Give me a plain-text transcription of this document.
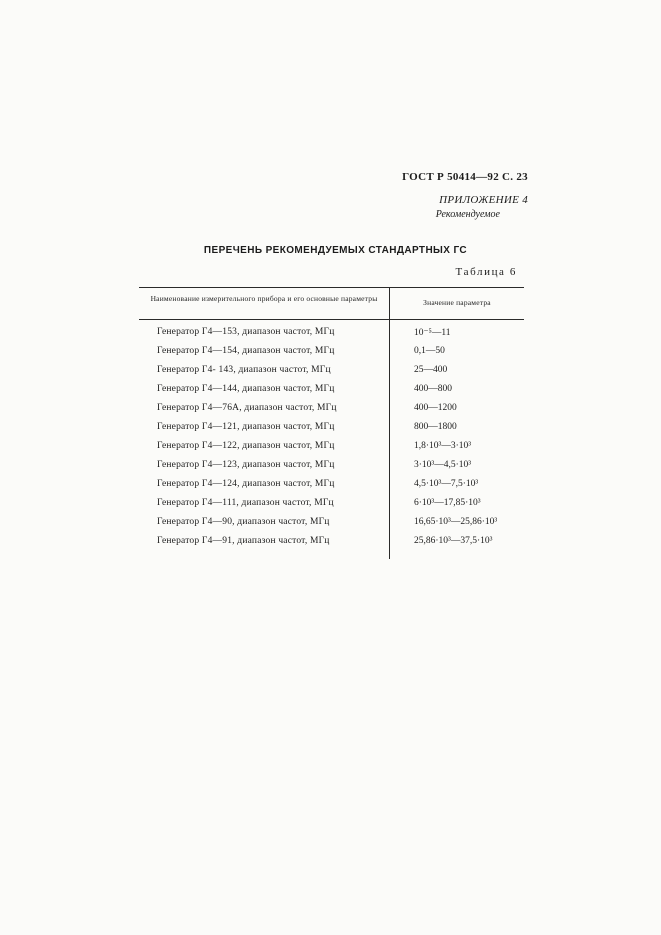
ГОСТ Р 50414—92 С. 23
ПРИЛОЖЕНИЕ 4
Рекомендуемое
ПЕРЕЧЕНЬ РЕКОМЕНДУЕМЫХ СТАНДАРТНЫХ ГС
Таблица 6
Наименование измерительного прибора и его основные параметры	Значение параметра
Генератор Г4—153, диапазон частот, МГц	10⁻⁵—11
Генератор Г4—154, диапазон частот, МГц	0,1—50
Генератор Г4- 143, диапазон частот, МГц	25—400
Генератор Г4—144, диапазон частот, МГц	400—800
Генератор Г4—76А, диапазон частот, МГц	400—1200
Генератор Г4—121, диапазон частот, МГц	800—1800
Генератор Г4—122, диапазон частот, МГц	1,8·10³—3·10³
Генератор Г4—123, диапазон частот, МГц	3·10³—4,5·10³
Генератор Г4—124, диапазон частот, МГц	4,5·10³—7,5·10³
Генератор Г4—111, диапазон частот, МГц	6·10³—17,85·10³
Генератор Г4—90, диапазон частот, МГц	16,65·10³—25,86·10³
Генератор Г4—91, диапазон частот, МГц	25,86·10³—37,5·10³
